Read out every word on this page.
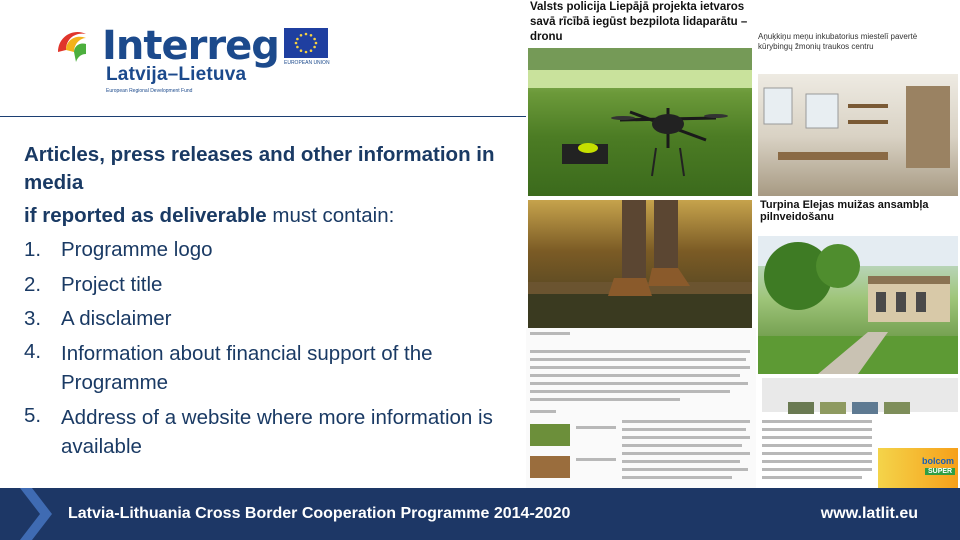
Interreg EUROPEAN UNION
Latvija–Lietuva
European Regional Development Fund
Articles, press releases and other information in media
if reported as deliverable must contain:
1. Programme logo
2. Project title
3. A disclaimer
4. Information about financial support of the Programme
5. Address of a website where more information is available
Valsts policija Liepājā projekta ietvaros savā rīcībā iegūst bezpilota lidaparātu – dronu	Aņuķkiņu meņu inkubatorius miestelī pavertė kūrybingų žmonių traukos centru
Turpina Elejas muižas ansambļa pilnveidošanu
bolcom
SUPER
Latvia-Lithuania Cross Border Cooperation Programme 2014-2020	www.latlit.eu
